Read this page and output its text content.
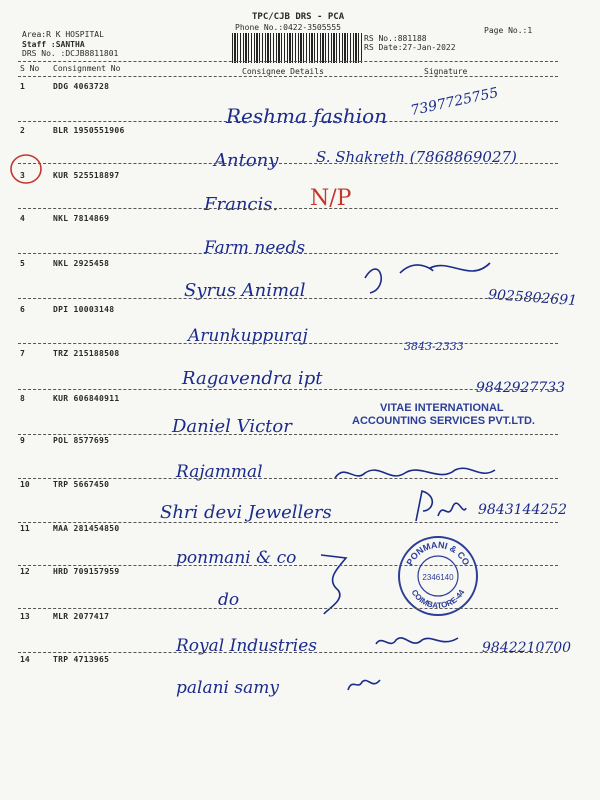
Area:R K HOSPITAL
Staff :SANTHA
DRS No. :DCJB8811801
TPC/CJB DRS - PCA
Phone No.:0422-3505555
RS No.:881188
RS Date:27-Jan-2022
Page No.:1
S No Consignment No	Consignee Details	Signature
1	DDG 4063728
Reshma fashion 7397725755
2	BLR 1950551906
Antony	S. Shakreth (7868869027)
3	KUR 525518897
Francis. N/P
4	NKL 7814869
Farm needs
5	NKL 2925458
Syrus Animal	9025802691
6	DPI 10003148
Arunkuppuraj
3843-2333
7	TRZ 215188508
Ragavendra ipt	9842927733
8	KUR 606840911
Daniel Victor
VITAE INTERNATIONAL
ACCOUNTING SERVICES PVT.LTD.
9	POL 8577695
Rajammal
10	TRP 5667450
Shri devi Jewellers	9843144252
11	MAA 281454850
ponmani & co
12	HRD 709157959
do
PONMANI & CO
COIMBATORE-44
2346140
13	MLR 2077417
Royal Industries	9842210700
14	TRP 4713965
palani samy
